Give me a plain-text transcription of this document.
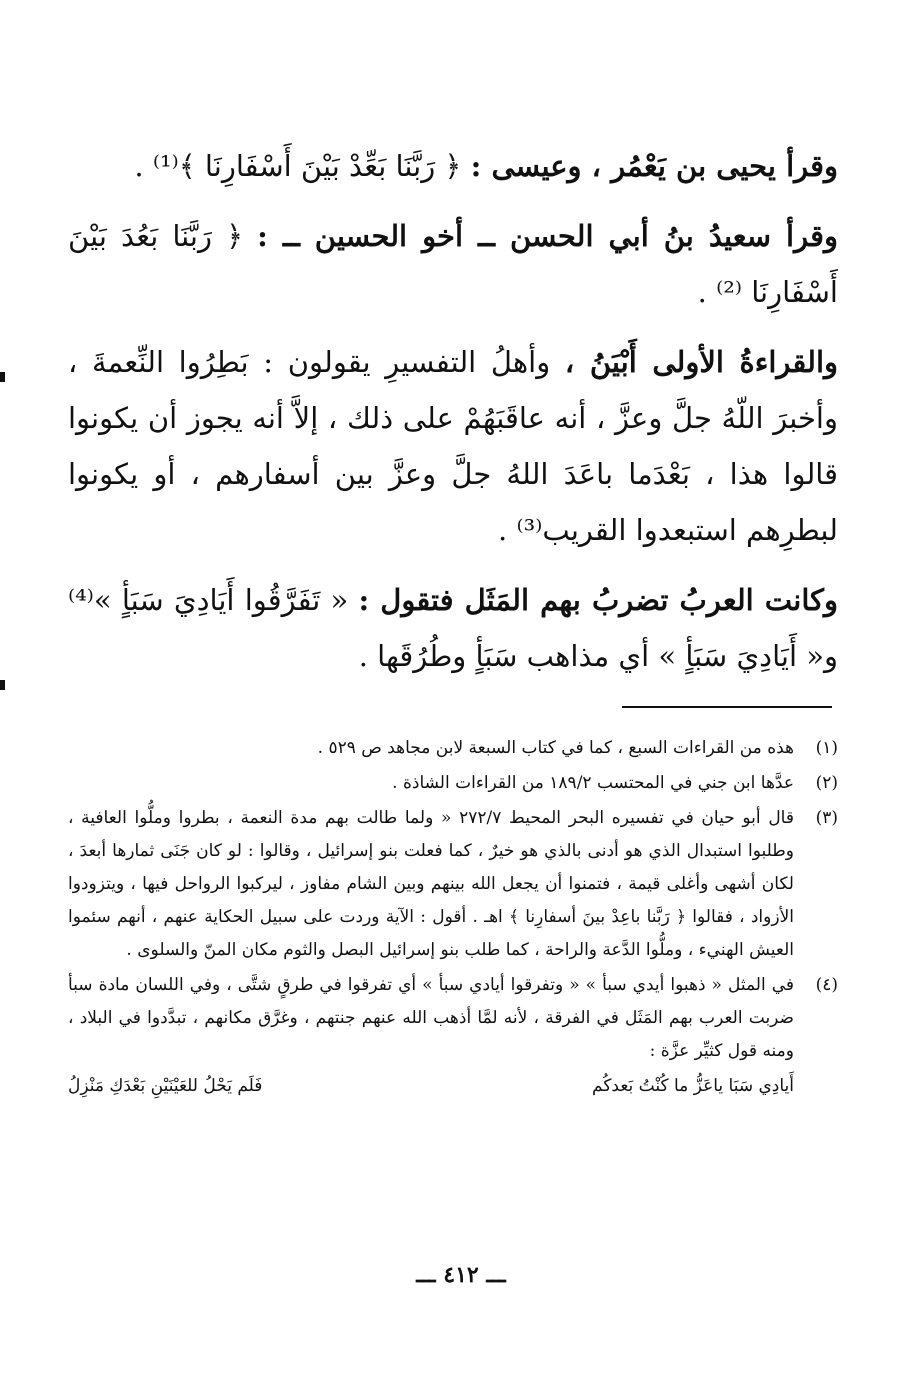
وقرأ يحيى بن يَعْمُر ، وعيسى : ﴿ رَبَّنَا بَعِّدْ بَيْنَ أَسْفَارِنَا ﴾⁽¹⁾ .

وقرأ سعيدُ بنُ أبي الحسن ــ أخو الحسين ــ : ﴿ رَبَّنَا بَعُدَ بَيْنَ أَسْفَارِنَا ⁽²⁾ .

والقراءةُ الأولى أَبْيَنُ ، وأهلُ التفسيرِ يقولون : بَطِرُوا النِّعمةَ ، وأخبرَ اللّهُ جلَّ وعزَّ ، أنه عاقَبَهُمْ على ذلك ، إلاَّ أنه يجوز أن يكونوا قالوا هذا ، بَعْدَما باعَدَ اللهُ جلَّ وعزَّ بين أسفارهم ، أو يكونوا لبطرِهم استبعدوا القريب⁽³⁾ .

وكانت العربُ تضربُ بهم المَثَل فتقول : « تَفَرَّقُوا أَيَادِيَ سَبَأٍ »⁽⁴⁾ و« أَيَادِيَ سَبَأٍ » أي مذاهب سَبَأٍ وطُرُقَها .

(١)
هذه من القراءات السبع ، كما في كتاب السبعة لابن مجاهد ص ٥٢٩ .
(٢)
عدَّها ابن جني في المحتسب ١٨٩/٢ من القراءات الشاذة .
(٣)
قال أبو حيان في تفسيره البحر المحيط ٢٧٢/٧ « ولما طالت بهم مدة النعمة ، بطروا وملُّوا العافية ، وطلبوا استبدال الذي هو أدنى بالذي هو خيرٌ ، كما فعلت بنو إسرائيل ، وقالوا : لو كان جَنَى ثمارها أبعدَ ، لكان أشهى وأغلى قيمة ، فتمنوا أن يجعل الله بينهم وبين الشام مفاوز ، ليركبوا الرواحل فيها ، ويتزودوا الأزواد ، فقالوا ﴿ رَبَّنا باعِدْ بينَ أسفارِنا ﴾ اهـ . أقول : الآية وردت على سبيل الحكاية عنهم ، أنهم سئموا العيش الهنيء ، وملُّوا الدَّعة والراحة ، كما طلب بنو إسرائيل البصل والثوم مكان المنّ والسلوى .
(٤)
في المثل « ذهبوا أيدي سبأ » « وتفرقوا أيادي سبأ » أي تفرقوا في طرقٍ شتَّى ، وفي اللسان مادة سبأ ضربت العرب بهم المَثَل في الفرقة ، لأنه لمَّا أذهب الله عنهم جنتهم ، وغرَّق مكانهم ، تبدَّدوا في البلاد ، ومنه قول كثيِّر عزَّة :
أَيادِي سَبَا ياعَزُّ ما كُنْتُ بَعدكُم
فَلَم يَحْلُ للعَيْنَيْنِ بَعْدَكِ مَنْزِلُ
ـــ ٤١٢ ـــ
